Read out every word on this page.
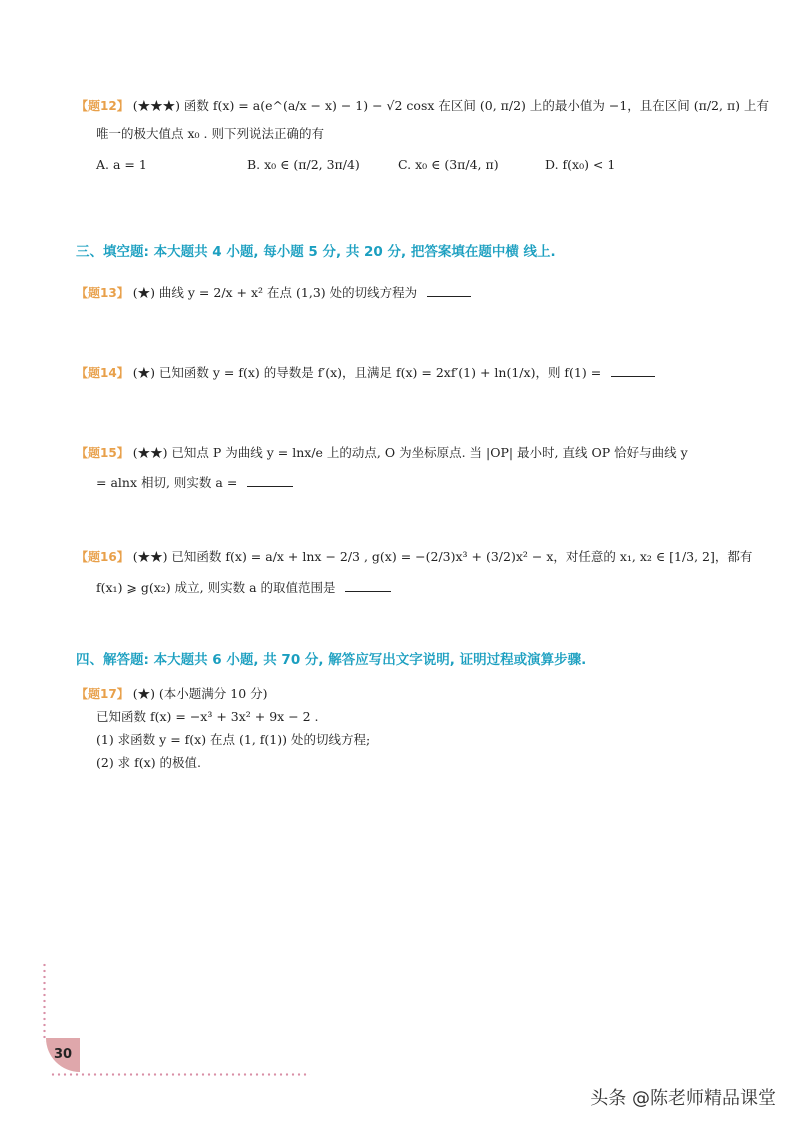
【题12】 (★★★) 函数 f(x) = a(e^(a/x − x) − 1) − √2 cosx 在区间 (0, π/2) 上的最小值为 −1，且在区间 (π/2, π) 上有
唯一的极大值点 x₀ . 则下列说法正确的有
A. a = 1	B. x₀ ∈ (π/2, 3π/4)	C. x₀ ∈ (3π/4, π)	D. f(x₀) < 1
三、填空题: 本大题共 4 小题, 每小题 5 分, 共 20 分, 把答案填在题中横 线上.
【题13】 (★) 曲线 y = 2/x + x² 在点 (1,3) 处的切线方程为
【题14】 (★) 已知函数 y = f(x) 的导数是 f′(x)，且满足 f(x) = 2xf′(1) + ln(1/x)，则 f(1) =
【题15】 (★★) 已知点 P 为曲线 y = lnx/e 上的动点, O 为坐标原点. 当 |OP| 最小时, 直线 OP 恰好与曲线 y
= alnx 相切, 则实数 a =
【题16】 (★★) 已知函数 f(x) = a/x + lnx − 2/3 , g(x) = −(2/3)x³ + (3/2)x² − x，对任意的 x₁, x₂ ∈ [1/3, 2]，都有
f(x₁) ⩾ g(x₂) 成立, 则实数 a 的取值范围是
四、解答题: 本大题共 6 小题, 共 70 分, 解答应写出文字说明, 证明过程或演算步骤.
【题17】 (★) (本小题满分 10 分)
已知函数 f(x) = −x³ + 3x² + 9x − 2 .
(1) 求函数 y = f(x) 在点 (1, f(1)) 处的切线方程;
(2) 求 f(x) 的极值.
30
头条 @陈老师精品课堂
